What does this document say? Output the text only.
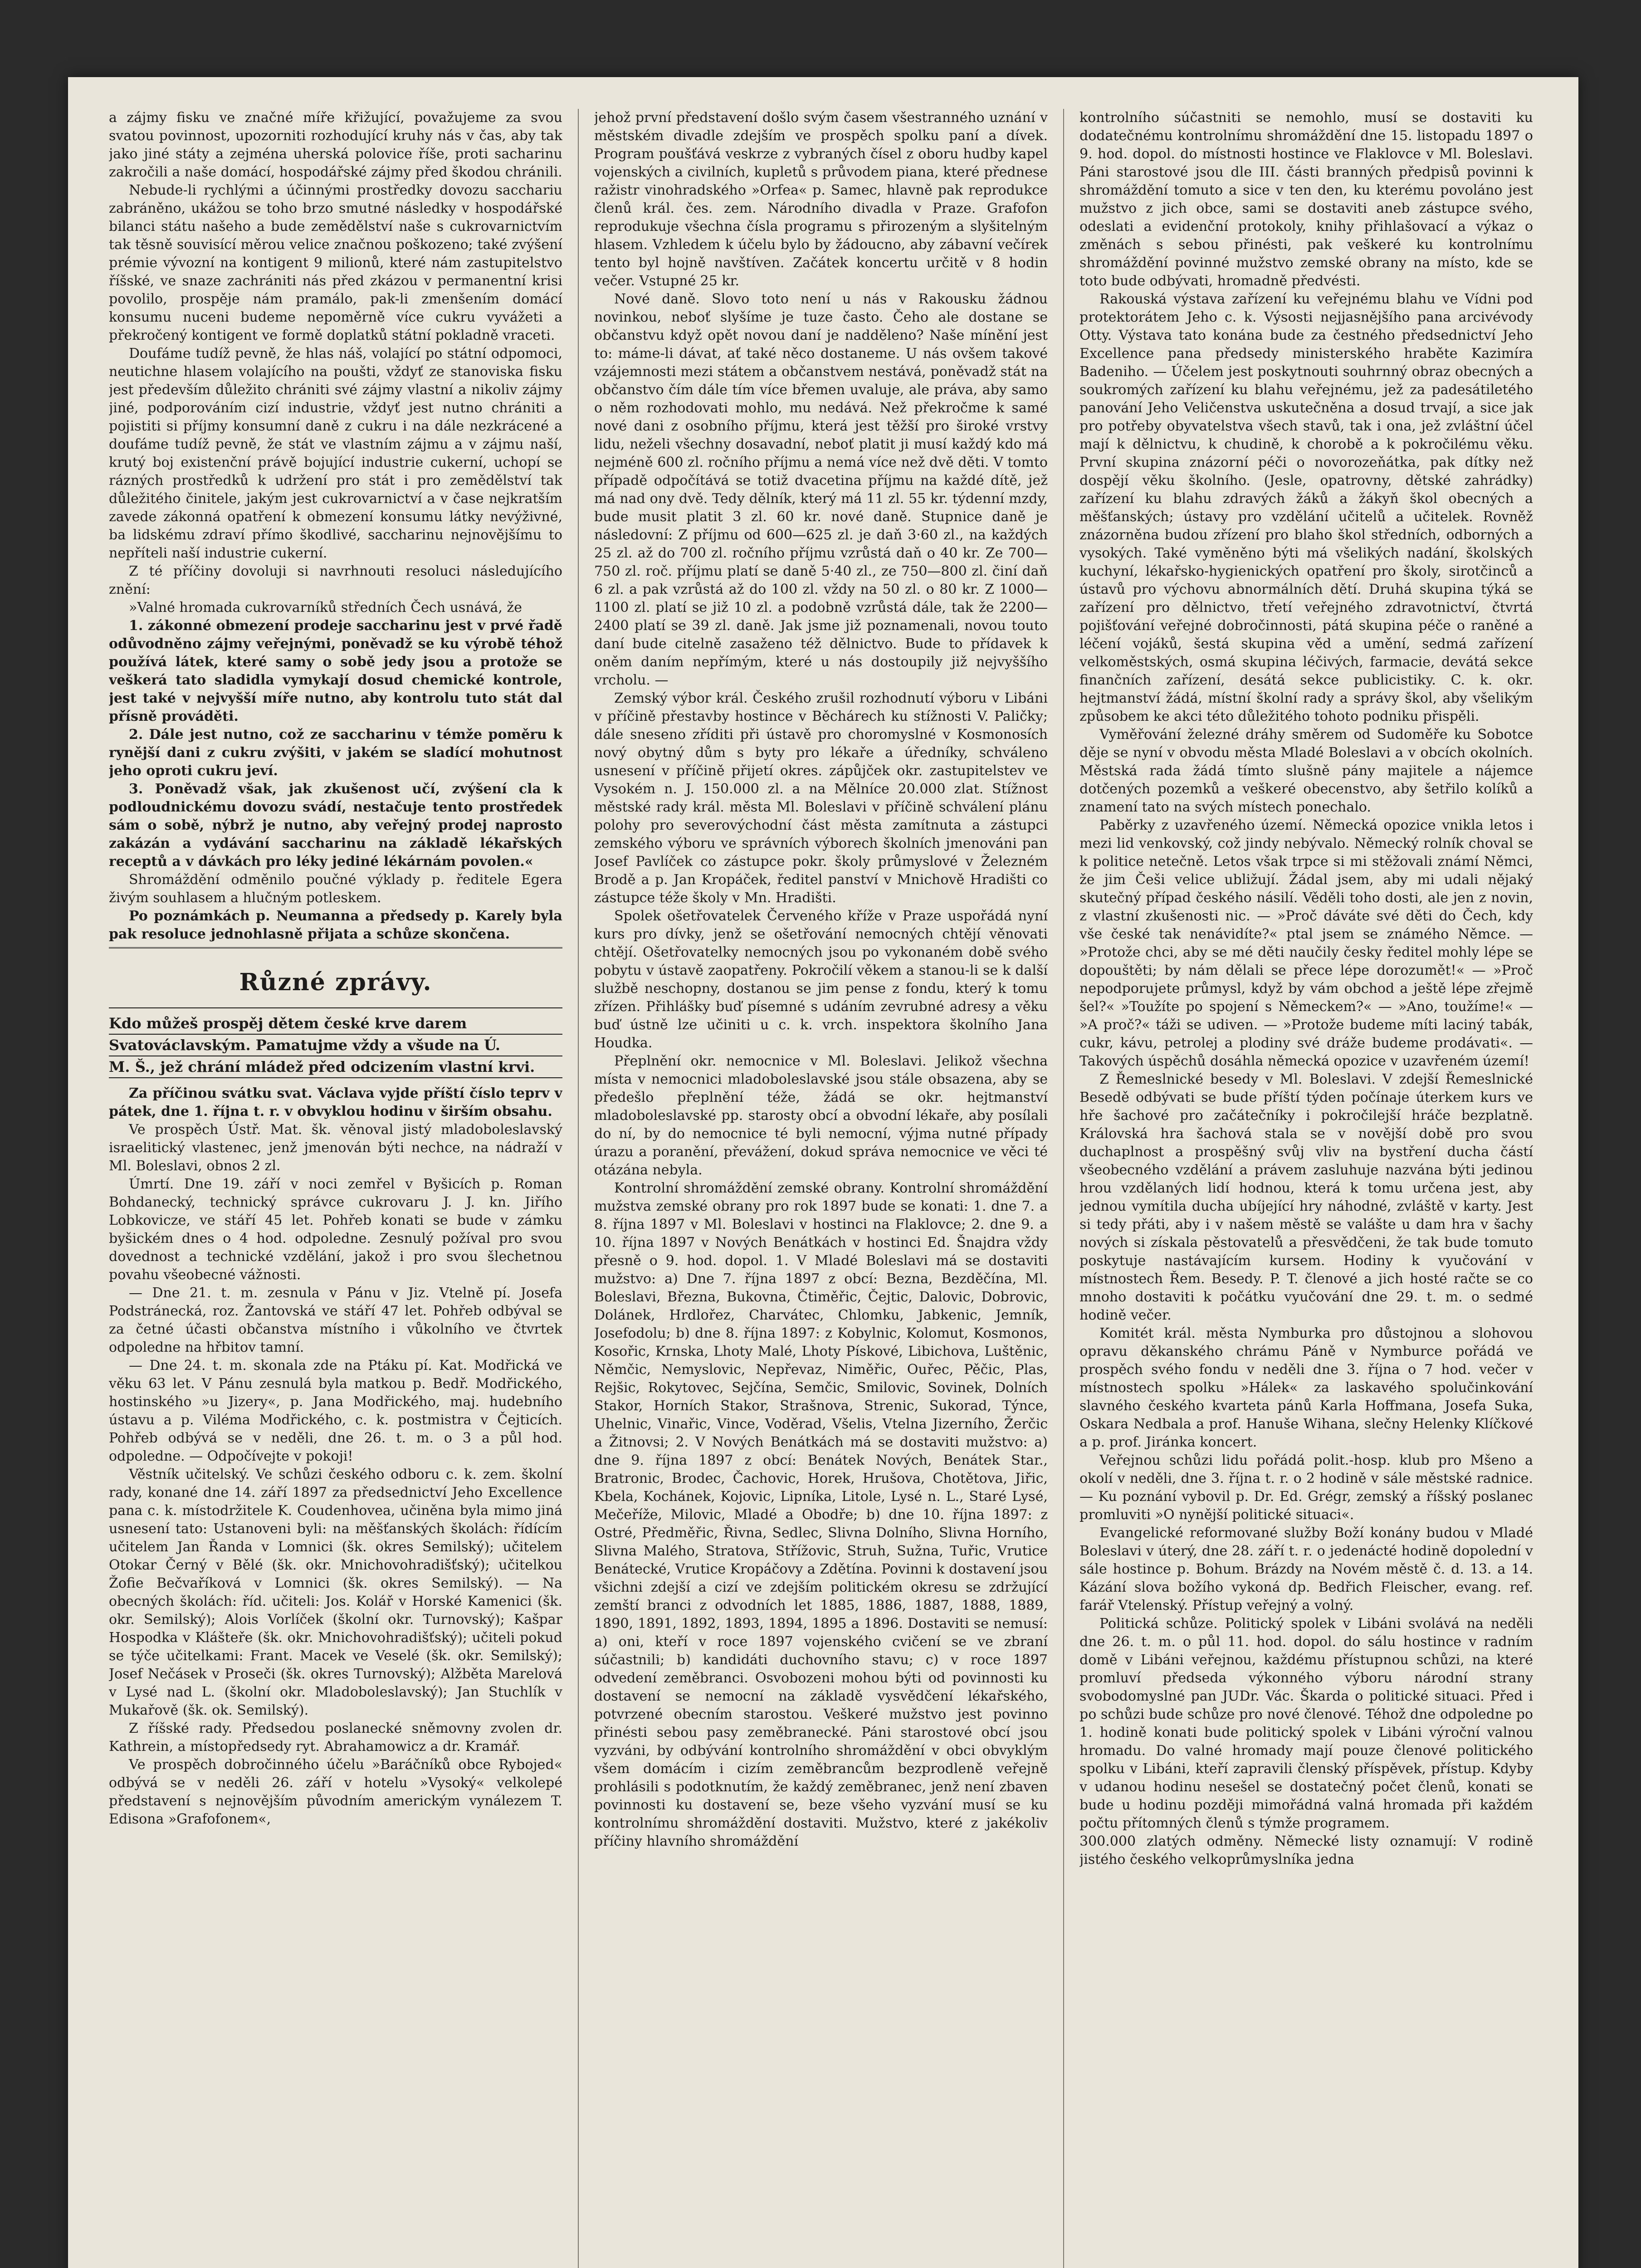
a zájmy fisku ve značné míře křižující, považujeme za svou svatou povinnost, upozorniti rozhodující kruhy nás v čas, aby tak jako jiné státy a zejména uherská polovice říše, proti sacharinu zakročili a naše domácí, hospodářské zájmy před škodou chránili.

Nebude-li rychlými a účinnými prostředky dovozu sacchariu zabráněno, ukážou se toho brzo smutné následky v hospodářské bilanci státu našeho a bude zemědělství naše s cukrovarnictvím tak těsně souvisící měrou velice značnou poškozeno; také zvýšení prémie vývozní na kontigent 9 milionů, které nám zastupitelstvo říšské, ve snaze zachrániti nás před zkázou v permanentní krisi povolilo, prospěje nám pramálo, pak-li zmenšením domácí konsumu nuceni budeme nepoměrně více cukru vyvážeti a překročený kontigent ve formě doplatků státní pokladně vraceti.

Doufáme tudíž pevně, že hlas náš, volající po státní odpomoci, neutichne hlasem volajícího na poušti, vždyť ze stanoviska fisku jest především důležito chrániti své zájmy vlastní a nikoliv zájmy jiné, podporováním cizí industrie, vždyť jest nutno chrániti a pojistiti si příjmy konsumní daně z cukru i na dále nezkrácené a doufáme tudíž pevně, že stát ve vlastním zájmu a v zájmu naší, krutý boj existenční právě bojující industrie cukerní, uchopí se rázných prostředků k udržení pro stát i pro zemědělství tak důležitého činitele, jakým jest cukrovarnictví a v čase nejkratším zavede zákonná opatření k obmezení konsumu látky nevýživné, ba lidskému zdraví přímo škodlivé, saccharinu nejnovějšímu to nepříteli naší industrie cukerní.

Z té příčiny dovoluji si navrhnouti resoluci následujícího znění:

»Valné hromada cukrovarníků středních Čech usnává, že

1. zákonné obmezení prodeje saccharinu jest v prvé řadě odůvodněno zájmy veřejnými, poněvadž se ku výrobě téhož používá látek, které samy o sobě jedy jsou a protože se veškerá tato sladidla vymykají dosud chemické kontrole, jest také v nejvyšší míře nutno, aby kontrolu tuto stát dal přísně prováděti.

2. Dále jest nutno, což ze saccharinu v témže poměru k rynější dani z cukru zvýšiti, v jakém se sladící mohutnost jeho oproti cukru jeví.

3. Poněvadž však, jak zkušenost učí, zvýšení cla k podloudnickému dovozu svádí, nestačuje tento prostředek sám o sobě, nýbrž je nutno, aby veřejný prodej naprosto zakázán a vydávání saccharinu na základě lékařských receptů a v dávkách pro léky jediné lékárnám povolen.«

Shromáždění odměnilo poučné výklady p. ředitele Egera živým souhlasem a hlučným potleskem.

Po poznámkách p. Neumanna a předsedy p. Karely byla pak resoluce jednohlasně přijata a schůze skončena.

Různé zprávy.

Kdo můžeš prospěj dětem české krve darem

Svatováclavským. Pamatujme vždy a všude na Ú.

M. Š., jež chrání mládež před odcizením vlastní krvi.

Za příčinou svátku svat. Václava vyjde příští číslo teprv v pátek, dne 1. října t. r. v obvyklou hodinu v širším obsahu.

Ve prospěch Ústř. Mat. šk. věnoval jistý mladoboleslavský israelitický vlastenec, jenž jmenován býti nechce, na nádraží v Ml. Boleslavi, obnos 2 zl.

Úmrtí. Dne 19. září v noci zemřel v Byšicích p. Roman Bohdanecký, technický správce cukrovaru J. J. kn. Jiřího Lobkovicze, ve stáří 45 let. Pohřeb konati se bude v zámku byšickém dnes o 4 hod. odpoledne. Zesnulý požíval pro svou dovednost a technické vzdělání, jakož i pro svou šlechetnou povahu všeobecné vážnosti.

— Dne 21. t. m. zesnula v Pánu v Jiz. Vtelně pí. Josefa Podstránecká, roz. Žantovská ve stáří 47 let. Pohřeb odbýval se za četné účasti občanstva místního i vůkolního ve čtvrtek odpoledne na hřbitov tamní.

— Dne 24. t. m. skonala zde na Ptáku pí. Kat. Modřická ve věku 63 let. V Pánu zesnulá byla matkou p. Bedř. Modřického, hostinského »u Jizery«, p. Jana Modřického, maj. hudebního ústavu a p. Viléma Modřického, c. k. postmistra v Čejticích. Pohřeb odbývá se v neděli, dne 26. t. m. o 3 a půl hod. odpoledne. — Odpočívejte v pokoji!

Věstník učitelský. Ve schůzi českého odboru c. k. zem. školní rady, konané dne 14. září 1897 za předsednictví Jeho Excellence pana c. k. místodržitele K. Coudenhovea, učiněna byla mimo jiná usnesení tato: Ustanoveni byli: na měšťanských školách: řídícím učitelem Jan Řanda v Lomnici (šk. okres Semilský); učitelem Otokar Černý v Bělé (šk. okr. Mnichovohradišťský); učitelkou Žofie Bečvaříková v Lomnici (šk. okres Semilský). — Na obecných školách: říd. učiteli: Jos. Kolář v Horské Kamenici (šk. okr. Semilský); Alois Vorlíček (školní okr. Turnovský); Kašpar Hospodka v Klášteře (šk. okr. Mnichovohradišťský); učiteli pokud se týče učitelkami: Frant. Macek ve Veselé (šk. okr. Semilský); Josef Nečásek v Proseči (šk. okres Turnovský); Alžběta Marelová v Lysé nad L. (školní okr. Mladoboleslavský); Jan Stuchlík v Mukařově (šk. ok. Semilský).

Z říšské rady. Předsedou poslanecké sněmovny zvolen dr. Kathrein, a místopředsedy ryt. Abrahamowicz a dr. Kramář.

Ve prospěch dobročinného účelu »Baráčníků obce Rybojed« odbývá se v neděli 26. září v hotelu »Vysoký« velkolepé představení s nejnovějším původním americkým vynálezem T. Edisona »Grafofonem«,

jehož první představení došlo svým časem všestranného uznání v městském divadle zdejším ve prospěch spolku paní a dívek. Program poušťává veskrze z vybraných čísel z oboru hudby kapel vojenských a civilních, kupletů s průvodem piana, které přednese ražistr vinohradského »Orfea« p. Samec, hlavně pak reprodukce členů král. čes. zem. Národního divadla v Praze. Grafofon reprodukuje všechna čísla programu s přirozeným a slyšitelným hlasem. Vzhledem k účelu bylo by žádoucno, aby zábavní večírek tento byl hojně navštíven. Začátek koncertu určitě v 8 hodin večer. Vstupné 25 kr.

Nové daně. Slovo toto není u nás v Rakousku žádnou novinkou, neboť slyšíme je tuze často. Čeho ale dostane se občanstvu když opět novou daní je nadděleno? Naše mínění jest to: máme-li dávat, ať také něco dostaneme. U nás ovšem takové vzájemnosti mezi státem a občanstvem nestává, poněvadž stát na občanstvo čím dále tím více břemen uvaluje, ale práva, aby samo o něm rozhodovati mohlo, mu nedává. Než překročme k samé nové dani z osobního příjmu, která jest těžší pro široké vrstvy lidu, neželi všechny dosavadní, neboť platit ji musí každý kdo má nejméně 600 zl. ročního příjmu a nemá více než dvě děti. V tomto případě odpočítává se totiž dvacetina příjmu na každé dítě, jež má nad ony dvě. Tedy dělník, který má 11 zl. 55 kr. týdenní mzdy, bude musit platit 3 zl. 60 kr. nové daně. Stupnice daně je následovní: Z příjmu od 600—625 zl. je daň 3·60 zl., na každých 25 zl. až do 700 zl. ročního příjmu vzrůstá daň o 40 kr. Ze 700—750 zl. roč. příjmu platí se daně 5·40 zl., ze 750—800 zl. činí daň 6 zl. a pak vzrůstá až do 100 zl. vždy na 50 zl. o 80 kr. Z 1000—1100 zl. platí se již 10 zl. a podobně vzrůstá dále, tak že 2200—2400 platí se 39 zl. daně. Jak jsme již poznamenali, novou touto daní bude citelně zasaženo též dělnictvo. Bude to přídavek k oněm daním nepřímým, které u nás dostoupily již nejvyššího vrcholu. —

Zemský výbor král. Českého zrušil rozhodnutí výboru v Libáni v příčině přestavby hostince v Běchárech ku stížnosti V. Paličky; dále sneseno zříditi při ústavě pro choromyslné v Kosmonosích nový obytný dům s byty pro lékaře a úředníky, schváleno usnesení v příčině přijetí okres. zápůjček okr. zastupitelstev ve Vysokém n. J. 150.000 zl. a na Mělníce 20.000 zlat. Stížnost městské rady král. města Ml. Boleslavi v příčině schválení plánu polohy pro severovýchodní část města zamítnuta a zástupci zemského výboru ve správních výborech školních jmenováni pan Josef Pavlíček co zástupce pokr. školy průmyslové v Železném Brodě a p. Jan Kropáček, ředitel panství v Mnichově Hradišti co zástupce téže školy v Mn. Hradišti.

Spolek ošetřovatelek Červeného kříže v Praze uspořádá nyní kurs pro dívky, jenž se ošetřování nemocných chtějí věnovati chtějí. Ošetřovatelky nemocných jsou po vykonaném době svého pobytu v ústavě zaopatřeny. Pokročilí věkem a stanou-li se k další službě neschopny, dostanou se jim pense z fondu, který k tomu zřízen. Přihlášky buď písemné s udáním zevrubné adresy a věku buď ústně lze učiniti u c. k. vrch. inspektora školního Jana Houdka.

Přeplnění okr. nemocnice v Ml. Boleslavi. Jelikož všechna místa v nemocnici mladoboleslavské jsou stále obsazena, aby se předešlo přeplnění téže, žádá se okr. hejtmanství mladoboleslavské pp. starosty obcí a obvodní lékaře, aby posílali do ní, by do nemocnice té byli nemocní, výjma nutné případy úrazu a poranění, převážení, dokud správa nemocnice ve věci té otázána nebyla.

Kontrolní shromáždění zemské obrany. Kontrolní shromáždění mužstva zemské obrany pro rok 1897 bude se konati: 1. dne 7. a 8. října 1897 v Ml. Boleslavi v hostinci na Flaklovce; 2. dne 9. a 10. října 1897 v Nových Benátkách v hostinci Ed. Šnajdra vždy přesně o 9. hod. dopol. 1. V Mladé Boleslavi má se dostaviti mužstvo: a) Dne 7. října 1897 z obcí: Bezna, Bezděčína, Ml. Boleslavi, Března, Bukovna, Čtiměřic, Čejtic, Dalovic, Dobrovic, Dolánek, Hrdlořez, Charvátec, Chlomku, Jabkenic, Jemník, Josefodolu; b) dne 8. října 1897: z Kobylnic, Kolomut, Kosmonos, Kosořic, Krnska, Lhoty Malé, Lhoty Pískové, Libichova, Luštěnic, Němčic, Nemyslovic, Nepřevaz, Niměřic, Ouřec, Pěčic, Plas, Rejšic, Rokytovec, Sejčína, Semčic, Smilovic, Sovinek, Dolních Stakor, Horních Stakor, Strašnova, Strenic, Sukorad, Týnce, Uhelnic, Vinařic, Vince, Voděrad, Všelis, Vtelna Jizerního, Žerčic a Žitnovsi; 2. V Nových Benátkách má se dostaviti mužstvo: a) dne 9. října 1897 z obcí: Benátek Nových, Benátek Star., Bratronic, Brodec, Čachovic, Horek, Hrušova, Chotětova, Jiřic, Kbela, Kochánek, Kojovic, Lipníka, Litole, Lysé n. L., Staré Lysé, Mečeříže, Milovic, Mladé a Obodře; b) dne 10. října 1897: z Ostré, Předměřic, Řivna, Sedlec, Slivna Dolního, Slivna Horního, Slivna Malého, Stratova, Střížovic, Struh, Sužna, Tuřic, Vrutice Benátecké, Vrutice Kropáčovy a Zdětína. Povinni k dostavení jsou všichni zdejší a cizí ve zdejším politickém okresu se zdržující zemští branci z odvodních let 1885, 1886, 1887, 1888, 1889, 1890, 1891, 1892, 1893, 1894, 1895 a 1896. Dostaviti se nemusí: a) oni, kteří v roce 1897 vojenského cvičení se ve zbraní súčastnili; b) kandidáti duchovního stavu; c) v roce 1897 odvedení zeměbranci. Osvobozeni mohou býti od povinnosti ku dostavení se nemocní na základě vysvědčení lékařského, potvrzené obecním starostou. Veškeré mužstvo jest povinno přinésti sebou pasy zeměbranecké. Páni starostové obcí jsou vyzváni, by odbývání kontrolního shromáždění v obci obvyklým všem domácím i cizím zeměbrancům bezprodleně veřejně prohlásili s podotknutím, že každý zeměbranec, jenž není zbaven povinnosti ku dostavení se, beze všeho vyzvání musí se ku kontrolnímu shromáždění dostaviti. Mužstvo, které z jakékoliv příčiny hlavního shromáždění

kontrolního súčastniti se nemohlo, musí se dostaviti ku dodatečnému kontrolnímu shromáždění dne 15. listopadu 1897 o 9. hod. dopol. do místnosti hostince ve Flaklovce v Ml. Boleslavi. Páni starostové jsou dle III. části branných předpisů povinni k shromáždění tomuto a sice v ten den, ku kterému povoláno jest mužstvo z jich obce, sami se dostaviti aneb zástupce svého, odeslati a evidenční protokoly, knihy přihlašovací a výkaz o změnách s sebou přinésti, pak veškeré ku kontrolnímu shromáždění povinné mužstvo zemské obrany na místo, kde se toto bude odbývati, hromadně předvésti.

Rakouská výstava zařízení ku veřejnému blahu ve Vídni pod protektorátem Jeho c. k. Výsosti nejjasnějšího pana arcivévody Otty. Výstava tato konána bude za čestného předsednictví Jeho Excellence pana předsedy ministerského hraběte Kazimíra Badeniho. — Účelem jest poskytnouti souhrnný obraz obecných a soukromých zařízení ku blahu veřejnému, jež za padesátiletého panování Jeho Veličenstva uskutečněna a dosud trvají, a sice jak pro potřeby obyvatelstva všech stavů, tak i ona, jež zvláštní účel mají k dělnictvu, k chudině, k chorobě a k pokročilému věku. První skupina znázorní péči o novorozeňátka, pak dítky než dospějí věku školního. (Jesle, opatrovny, dětské zahrádky) zařízení ku blahu zdravých žáků a žákyň škol obecných a měšťanských; ústavy pro vzdělání učitelů a učitelek. Rovněž znázorněna budou zřízení pro blaho škol středních, odborných a vysokých. Také vyměněno býti má všelikých nadání, školských kuchyní, lékařsko-hygienických opatření pro školy, sirotčinců a ústavů pro výchovu abnormálních dětí. Druhá skupina týká se zařízení pro dělnictvo, třetí veřejného zdravotnictví, čtvrtá pojišťování veřejné dobročinnosti, pátá skupina péče o raněné a léčení vojáků, šestá skupina věd a umění, sedmá zařízení velkoměstských, osmá skupina léčivých, farmacie, devátá sekce finančních zařízení, desátá sekce publicistiky. C. k. okr. hejtmanství žádá, místní školní rady a správy škol, aby všelikým způsobem ke akci této důležitého tohoto podniku přispěli.

Vyměřování železné dráhy směrem od Sudoměře ku Sobotce děje se nyní v obvodu města Mladé Boleslavi a v obcích okolních. Městská rada žádá tímto slušně pány majitele a nájemce dotčených pozemků a veškeré obecenstvo, aby šetřilo kolíků a znamení tato na svých místech ponechalo.

Paběrky z uzavřeného území. Německá opozice vnikla letos i mezi lid venkovský, což jindy nebývalo. Německý rolník choval se k politice netečně. Letos však trpce si mi stěžovali známí Němci, že jim Češi velice ubližují. Žádal jsem, aby mi udali nějaký skutečný případ českého násilí. Věděli toho dosti, ale jen z novin, z vlastní zkušenosti nic. — »Proč dáváte své děti do Čech, kdy vše české tak nenávidíte?« ptal jsem se známého Němce. — »Protože chci, aby se mé děti naučily česky ředitel mohly lépe se dopouštěti; by nám dělali se přece lépe dorozumět!« — »Proč nepodporujete průmysl, když by vám obchod a ještě lépe zřejmě šel?« »Toužíte po spojení s Německem?« — »Ano, toužíme!« — »A proč?« táži se udiven. — »Protože budeme míti laciný tabák, cukr, kávu, petrolej a plodiny své dráže budeme prodávati«. — Takových úspěchů dosáhla německá opozice v uzavřeném území!

Z Řemeslnické besedy v Ml. Boleslavi. V zdejší Řemeslnické Besedě odbývati se bude příští týden počínaje úterkem kurs ve hře šachové pro začátečníky i pokročilejší hráče bezplatně. Královská hra šachová stala se v novější době pro svou duchaplnost a prospěšný svůj vliv na bystření ducha částí všeobecného vzdělání a právem zasluhuje nazvána býti jedinou hrou vzdělaných lidí hodnou, která k tomu určena jest, aby jednou vymítila ducha ubíjející hry náhodné, zvláště v karty. Jest si tedy přáti, aby i v našem městě se valášte u dam hra v šachy nových si získala pěstovatelů a přesvědčeni, že tak bude tomuto poskytuje nastávajícím kursem. Hodiny k vyučování v místnostech Řem. Besedy. P. T. členové a jich hosté račte se co mnoho dostaviti k počátku vyučování dne 29. t. m. o sedmé hodině večer.

Komitét král. města Nymburka pro důstojnou a slohovou opravu děkanského chrámu Páně v Nymburce pořádá ve prospěch svého fondu v neděli dne 3. října o 7 hod. večer v místnostech spolku »Hálek« za laskavého spolučinkování slavného českého kvarteta pánů Karla Hoffmana, Josefa Suka, Oskara Nedbala a prof. Hanuše Wihana, slečny Helenky Klíčkové a p. prof. Jiránka koncert.

Veřejnou schůzi lidu pořádá polit.-hosp. klub pro Mšeno a okolí v neděli, dne 3. října t. r. o 2 hodině v sále městské radnice. — Ku poznání vybovil p. Dr. Ed. Grégr, zemský a říšský poslanec promluviti »O nynější politické situaci«.

Evangelické reformované služby Boží konány budou v Mladé Boleslavi v úterý, dne 28. září t. r. o jedenácté hodině dopolední v sále hostince p. Bohum. Brázdy na Novém městě č. d. 13. a 14. Kázání slova božího vykoná dp. Bedřich Fleischer, evang. ref. farář Vtelenský. Přístup veřejný a volný.

Politická schůze. Politický spolek v Libáni svolává na neděli dne 26. t. m. o půl 11. hod. dopol. do sálu hostince v radním domě v Libáni veřejnou, každému přístupnou schůzi, na které promluví předseda výkonného výboru národní strany svobodomyslné pan JUDr. Vác. Škarda o politické situaci. Před i po schůzi bude schůze pro nové členové. Téhož dne odpoledne po 1. hodině konati bude politický spolek v Libáni výroční valnou hromadu. Do valné hromady mají pouze členové politického spolku v Libáni, kteří zapravili členský příspěvek, přístup. Kdyby v udanou hodinu nesešel se dostatečný počet členů, konati se bude u hodinu později mimořádná valná hromada při každém počtu přítomných členů s týmže programem.

300.000 zlatých odměny. Německé listy oznamují: V rodině jistého českého velkoprůmyslníka jedna
